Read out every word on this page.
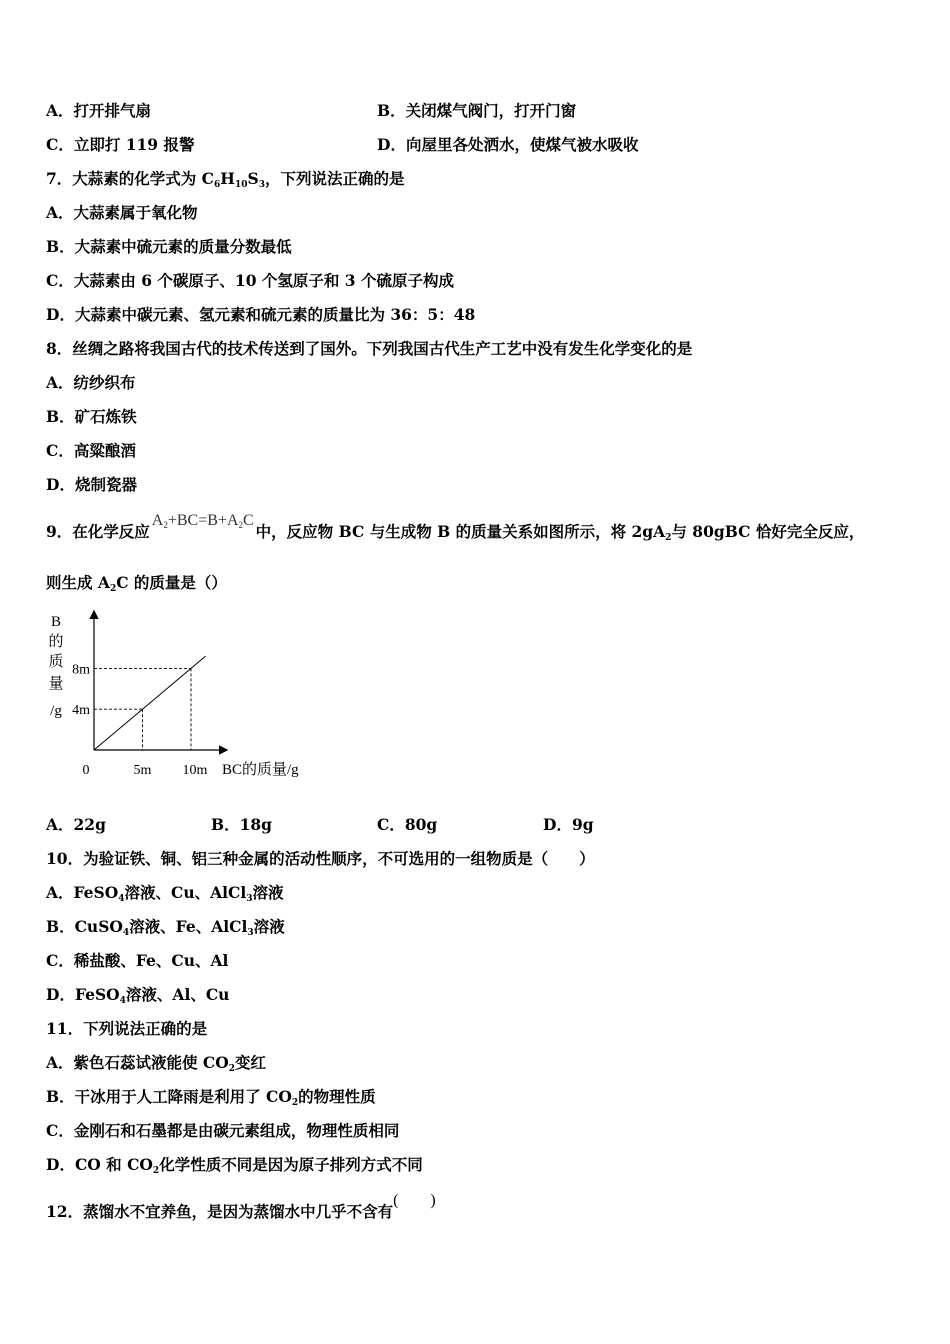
A．打开排气扇	B．关闭煤气阀门，打开门窗
C．立即打 119 报警	D．向屋里各处洒水，使煤气被水吸收
7．大蒜素的化学式为 $C_6H_{10}S_3$，下列说法正确的是
A．大蒜素属于氧化物
B．大蒜素中硫元素的质量分数最低
C．大蒜素由 6 个碳原子、10 个氢原子和 3 个硫原子构成
D．大蒜素中碳元素、氢元素和硫元素的质量比为 36：5：48
8．丝绸之路将我国古代的技术传送到了国外。下列我国古代生产工艺中没有发生化学变化的是
A．纺纱织布
B．矿石炼铁
C．高粱酿酒
D．烧制瓷器
9．在化学反应$A_2+BC=B+A_2C$中，反应物 BC 与生成物 B 的质量关系如图所示，将 $2gA_2$与 80gBC 恰好完全反应，
则生成 $A_2C$ 的质量是（）
4m
8m
0	5m 10m BC的质量/g
B
的
质
量
/g
A．22g	B．18g	C．80g	D．9g
10．为验证铁、铜、铝三种金属的活动性顺序，不可选用的一组物质是（　　）
A．FeSO$_4$溶液、Cu、AlCl$_3$溶液
B．CuSO$_4$溶液、Fe、AlCl$_3$溶液
C．稀盐酸、Fe、Cu、Al
D．FeSO$_4$溶液、Al、Cu
11．下列说法正确的是
A．紫色石蕊试液能使 $CO_2$变红
B．干冰用于人工降雨是利用了 $CO_2$的物理性质
C．金刚石和石墨都是由碳元素组成，物理性质相同
D．CO 和 $CO_2$化学性质不同是因为原子排列方式不同
12．蒸馏水不宜养鱼，是因为蒸馏水中几乎不含有(　　)
